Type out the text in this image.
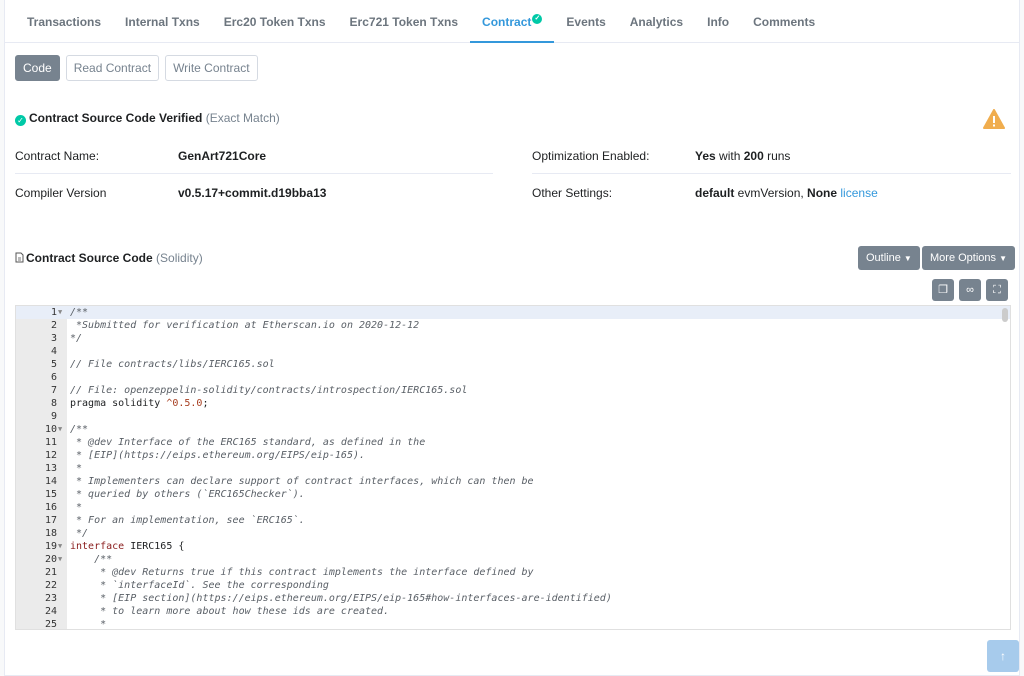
Transactions	Internal Txns	Erc20 Token Txns	Erc721 Token Txns	Contract ✓	Events	Analytics	Info	Comments
Code	Read Contract	Write Contract
✓ Contract Source Code Verified (Exact Match)
Contract Name:	GenArt721Core
Compiler Version	v0.5.17+commit.d19bba13
Optimization Enabled:	Yes with 200 runs
Other Settings:	default evmVersion, None license
Contract Source Code (Solidity)	Outline ▼	More Options ▼
❐	∞	⛶
1 ▼ /**
2 *Submitted for verification at Etherscan.io on 2020-12-12
3 */
4
5 // File contracts/libs/IERC165.sol
6
7 // File: openzeppelin-solidity/contracts/introspection/IERC165.sol
8 pragma solidity ^0.5.0;
9
10 ▼ /**
11 * @dev Interface of the ERC165 standard, as defined in the
12 * [EIP](https://eips.ethereum.org/EIPS/eip-165).
13 *
14 * Implementers can declare support of contract interfaces, which can then be
15 * queried by others (`ERC165Checker`).
16 *
17 * For an implementation, see `ERC165`.
18 */
19 ▼ interface IERC165 {
20 ▼ /**
21 * @dev Returns true if this contract implements the interface defined by
22 * `interfaceId`. See the corresponding
23 * [EIP section](https://eips.ethereum.org/EIPS/eip-165#how-interfaces-are-identified)
24 * to learn more about how these ids are created.
25 *
↑
